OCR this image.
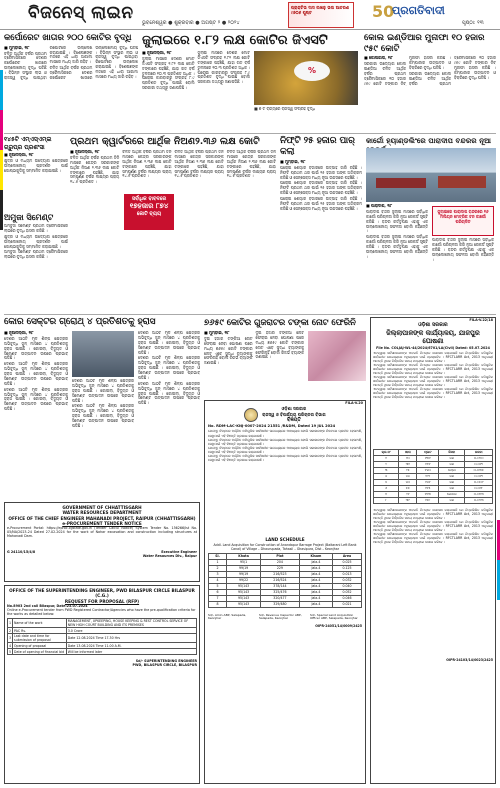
ବିଜନେସ୍‌ ଲାଇନ ଭୁବନେଶ୍ୱର ● ଶୁକ୍ରବାର ● ଅଗଷ୍ଟ ୨ ● ୨୦୨୪
ପ୍ରାକ୍‌ଟିଭ ଦାସ ଲଖନୁ ଭଲ ଆଚରଣ ୯୭୦୬ ପୁଷ୍ଟ	50
ପ୍ରଗତିବାଦୀ
ପୃଷ୍ଠା: ୧୩
କର୍ପୋରେଟ ଖାତାର ୨୦୦ କୋଟିର ବୃଦ୍ଧି

■ ମୁମ୍ବାଇ, ୧ା୮

ଚଳିତ ଆର୍ଥିକ ବର୍ଷର ପ୍ରଥମ ତ୍ରୈମାସିକରେ ଦେଶର କର୍ପୋରେଟ ଖାତାରେ ଉଲ୍ଲେଖନୀୟ ବୃଦ୍ଧି ଘଟିଛି । ବିଭିନ୍ନ ସଂସ୍ଥାର ଲାଭ ଓ ରାଜସ୍ୱ ବୃଦ୍ଧି ପାଇଥିବା ରିପୋର୍ଟରେ ଉଲ୍ଲେଖ କରାଯାଇଛି । ବିଶେଷଜ୍ଞଙ୍କ ମତରେ ଏହି ଧାରା ଆଗାମୀ ମାସରେ ମଧ୍ୟ ଜାରି ରହିବ ।

ଚଳିତ ଆର୍ଥିକ ବର୍ଷର ପ୍ରଥମ ତ୍ରୈମାସିକରେ ଦେଶର କର୍ପୋରେଟ ଖାତାରେ ଉଲ୍ଲେଖନୀୟ ବୃଦ୍ଧି ଘଟିଛି । ବିଭିନ୍ନ ସଂସ୍ଥାର ଲାଭ ଓ ରାଜସ୍ୱ ବୃଦ୍ଧି ପାଇଥିବା ରିପୋର୍ଟରେ ଉଲ୍ଲେଖ କରାଯାଇଛି । ବିଶେଷଜ୍ଞଙ୍କ ମତରେ ଏହି ଧାରା ଆଗାମୀ ମାସରେ ମଧ୍ୟ ଜାରି ରହିବ ।

ଜୁଲାଇରେ ୧.୮୨ ଲକ୍ଷ କୋଟିର ଜିଏସଟି

■ ନୂଆଦିଲ୍ଲୀ, ୧ା୮

ଜୁଲାଇ ମାସରେ ଦେଶର ମୋଟ ଜିଏସଟି ସଂଗ୍ରହ ୧.୮୨ ଲକ୍ଷ କୋଟି ଟଙ୍କାରେ ପହଞ୍ଚିଛି, ଯାହା ଗତ ବର୍ଷ ତୁଳନାରେ ୧୦.୩ ପ୍ରତିଶତ ଅଧିକ । ଘରୋଇ କାରବାରରୁ ସଂଗ୍ରହ ୮.୯ ପ୍ରତିଶତ ବୃଦ୍ଧି ପାଇଛି ବୋଲି ସରକାରୀ ତଥ୍ୟରୁ ଜଣାପଡିଛି ।

ଜୁଲାଇ ମାସରେ ଦେଶର ମୋଟ ଜିଏସଟି ସଂଗ୍ରହ ୧.୮୨ ଲକ୍ଷ କୋଟି ଟଙ୍କାରେ ପହଞ୍ଚିଛି, ଯାହା ଗତ ବର୍ଷ ତୁଳନାରେ ୧୦.୩ ପ୍ରତିଶତ ଅଧିକ । ଘରୋଇ କାରବାରରୁ ସଂଗ୍ରହ ୮.୯ ପ୍ରତିଶତ ବୃଦ୍ଧି ପାଇଛି ବୋଲି ସରକାରୀ ତଥ୍ୟରୁ ଜଣାପଡିଛି ।

%
■ ୭ ଟି ରାଜ୍ୟରେ ରାଜସ୍ୱ ସଂଗ୍ରହ ବୃଦ୍ଧି
କୋଲ ଇଣ୍ଡିଆର ମୁନାଫା ୧୦ ହଜାର ୯୫୯ କୋଟି

■ କୋଲକାତା, ୧ା୮

ସରକାରୀ ଉଦ୍ୟୋଗ କୋଲ ଇଣ୍ଡିଆ ଚଳିତ ଆର୍ଥିକ ବର୍ଷର ପ୍ରଥମ ତ୍ରୈମାସିକରେ ୧୦ ହଜାର ୯୫୯ କୋଟି ଟଙ୍କାର ନିଟ୍‌ ମୁନାଫା ହାସଲ କରିଛି । କମ୍ପାନୀର ଉତ୍ପାଦନ ଓ ବିକ୍ରିରେ ବୃଦ୍ଧି ଘଟିଛି ।

ସରକାରୀ ଉଦ୍ୟୋଗ କୋଲ ଇଣ୍ଡିଆ ଚଳିତ ଆର୍ଥିକ ବର୍ଷର ପ୍ରଥମ ତ୍ରୈମାସିକରେ ୧୦ ହଜାର ୯୫୯ କୋଟି ଟଙ୍କାର ନିଟ୍‌ ମୁନାଫା ହାସଲ କରିଛି । କମ୍ପାନୀର ଉତ୍ପାଦନ ଓ ବିକ୍ରିରେ ବୃଦ୍ଧି ଘଟିଛି ।

୧୪୫ଟି ଏମ୍‌ଏସ୍‌ଏମ୍‌ଇ ଗ୍ରୁପ୍‌ର ପ୍ରଶଂସା

■ ନୂଆଦିଲ୍ଲୀ, ୧ା୮

କ୍ଷୁଦ୍ର ଓ ମଧ୍ୟମ ଉଦ୍ୟୋଗ କ୍ଷେତ୍ରରେ ଉଲ୍ଲେଖନୀୟ ପ୍ରଦର୍ଶନ ପାଇଁ ଗୋଷ୍ଠୀଗୁଡିକୁ ସମ୍ମାନିତ କରାଯାଇଛି ।

ଅମୁଜା ସିମେଣ୍ଟ

ଅମ୍ବୁଜା ସିମେଣ୍ଟ ପ୍ରଥମ ତ୍ରୈମାସିକରେ ଲାଭରେ ବୃଦ୍ଧି ହାସଲ କରିଛି ।

କ୍ଷୁଦ୍ର ଓ ମଧ୍ୟମ ଉଦ୍ୟୋଗ କ୍ଷେତ୍ରରେ ଉଲ୍ଲେଖନୀୟ ପ୍ରଦର୍ଶନ ପାଇଁ ଗୋଷ୍ଠୀଗୁଡିକୁ ସମ୍ମାନିତ କରାଯାଇଛି ।

ଅମ୍ବୁଜା ସିମେଣ୍ଟ ପ୍ରଥମ ତ୍ରୈମାସିକରେ ଲାଭରେ ବୃଦ୍ଧି ହାସଲ କରିଛି ।

ପ୍ରଥମ କ୍ୱାର୍ଟରରେ ଆର୍ଥିକ ନିଅଣ୨.୩୬ ଲକ୍ଷ କୋଟି

■ ନୂଆଦିଲ୍ଲୀ, ୧ା୮

ଚଳିତ ଆର୍ଥିକ ବର୍ଷର ପ୍ରଥମ ତିନି ମାସରେ କେନ୍ଦ୍ର ସରକାରଙ୍କ ଆର୍ଥିକ ନିଅଣ ୨.୩୬ ଲକ୍ଷ କୋଟି ଟଙ୍କାରେ ପହଞ୍ଚିଛି, ଯାହା ସମ୍ପୂର୍ଣ୍ଣ ବର୍ଷର ଲକ୍ଷ୍ୟର ପ୍ରାୟ ୧୪.୫ ପ୍ରତିଶତ ।

ଚଳିତ ଆର୍ଥିକ ବର୍ଷର ପ୍ରଥମ ତିନି ମାସରେ କେନ୍ଦ୍ର ସରକାରଙ୍କ ଆର୍ଥିକ ନିଅଣ ୨.୩୬ ଲକ୍ଷ କୋଟି ଟଙ୍କାରେ ପହଞ୍ଚିଛି, ଯାହା ସମ୍ପୂର୍ଣ୍ଣ ବର୍ଷର ଲକ୍ଷ୍ୟର ପ୍ରାୟ ୧୪.୫ ପ୍ରତିଶତ ।

ଚଳିତ ଆର୍ଥିକ ବର୍ଷର ପ୍ରଥମ ତିନି ମାସରେ କେନ୍ଦ୍ର ସରକାରଙ୍କ ଆର୍ଥିକ ନିଅଣ ୨.୩୬ ଲକ୍ଷ କୋଟି ଟଙ୍କାରେ ପହଞ୍ଚିଛି, ଯାହା ସମ୍ପୂର୍ଣ୍ଣ ବର୍ଷର ଲକ୍ଷ୍ୟର ପ୍ରାୟ ୧୪.୫ ପ୍ରତିଶତ ।

ଚଳିତ ଆର୍ଥିକ ବର୍ଷର ପ୍ରଥମ ତିନି ମାସରେ କେନ୍ଦ୍ର ସରକାରଙ୍କ ଆର୍ଥିକ ନିଅଣ ୨.୩୬ ଲକ୍ଷ କୋଟି ଟଙ୍କାରେ ପହଞ୍ଚିଛି, ଯାହା ସମ୍ପୂର୍ଣ୍ଣ ବର୍ଷର ଲକ୍ଷ୍ୟର ପ୍ରାୟ ୧୪.୫ ପ୍ରତିଶତ ।

ସର୍ବାଧିକ ବାବଦରେ
୧୭ହଜାର ୮୭୪
କୋଟି ବ୍ୟୟ
ନିଫ୍ଟି ୨୫ ହଜାର ପାର୍‌ କଲା

■ ମୁମ୍ବାଇ, ୧ା୮

ଘରୋଇ ଶେୟାର ବଜାରରେ ଉତ୍ସାହ ଜାରି ରହିଛି । ନିଫ୍ଟି ପ୍ରଥମ ଥର ପାଇଁ ୨୫ ହଜାର ଅଙ୍କ ଅତିକ୍ରମ କରିଛି ଓ ସେନ୍‌ସେକ୍ସ ମଧ୍ୟ ନୂଆ ଉଚ୍ଚତାରେ ପହଞ୍ଚିଛି ।

ଘରୋଇ ଶେୟାର ବଜାରରେ ଉତ୍ସାହ ଜାରି ରହିଛି । ନିଫ୍ଟି ପ୍ରଥମ ଥର ପାଇଁ ୨୫ ହଜାର ଅଙ୍କ ଅତିକ୍ରମ କରିଛି ଓ ସେନ୍‌ସେକ୍ସ ମଧ୍ୟ ନୂଆ ଉଚ୍ଚତାରେ ପହଞ୍ଚିଛି ।

ଘରୋଇ ଶେୟାର ବଜାରରେ ଉତ୍ସାହ ଜାରି ରହିଛି । ନିଫ୍ଟି ପ୍ରଥମ ଥର ପାଇଁ ୨୫ ହଜାର ଅଙ୍କ ଅତିକ୍ରମ କରିଛି ଓ ସେନ୍‌ସେକ୍ସ ମଧ୍ୟ ନୂଆ ଉଚ୍ଚତାରେ ପହଞ୍ଚିଛି ।

କାର୍ଗୋ ହ୍ୟାଣ୍ଡଲିଂରେ ପାରାଦୀପ ବନ୍ଦରର ନୂଆ

■ ପାରାଦୀପ, ୧ା୮

ପାରାଦୀପ ବନ୍ଦର ଜୁଲାଇ ମାସରେ ସର୍ବାଧିକ କାର୍ଗୋ ପରିଚାଳନା କରି ନୂଆ ରେକର୍ଡ ସୃଷ୍ଟି କରିଛି । ବନ୍ଦର କର୍ତ୍ତୃପକ୍ଷ ଏହାକୁ ଏକ ଉଲ୍ଲେଖନୀୟ ସଫଳତା ବୋଲି କହିଛନ୍ତି ।

ପାରାଦୀପ ବନ୍ଦର ଜୁଲାଇ ମାସରେ ସର୍ବାଧିକ କାର୍ଗୋ ପରିଚାଳନା କରି ନୂଆ ରେକର୍ଡ ସୃଷ୍ଟି କରିଛି । ବନ୍ଦର କର୍ତ୍ତୃପକ୍ଷ ଏହାକୁ ଏକ ଉଲ୍ଲେଖନୀୟ ସଫଳତା ବୋଲି କହିଛନ୍ତି ।

ଜୁଲାଇରେ ପାରାଦୀପ ବନ୍ଦରରେ ୧୬ ମିଲିୟନ ମେଟ୍ରିକ ଟନ କାର୍ଗୋ ପରିଚାଳିତ

ପାରାଦୀପ ବନ୍ଦର ଜୁଲାଇ ମାସରେ ସର୍ବାଧିକ କାର୍ଗୋ ପରିଚାଳନା କରି ନୂଆ ରେକର୍ଡ ସୃଷ୍ଟି କରିଛି । ବନ୍ଦର କର୍ତ୍ତୃପକ୍ଷ ଏହାକୁ ଏକ ଉଲ୍ଲେଖନୀୟ ସଫଳତା ବୋଲି କହିଛନ୍ତି ।

କୋର ସେକ୍ଟର ଗ୍ରୋଥ୍‌ ୪ ପ୍ରତିଶତକୁ ହ୍ରାସ

■ ନୂଆଦିଲ୍ଲୀ, ୧ା୮

ଦେଶର ଆଠଟି ମୂଳ ଶିଳ୍ପ କ୍ଷେତ୍ରର ଅଭିବୃଦ୍ଧି ଜୁନ୍‌ ମାସରେ ୪ ପ୍ରତିଶତକୁ ହ୍ରାସ ପାଇଛି । କୋଇଲା, ବିଦ୍ୟୁତ ଓ ସିମେଣ୍ଟ ଉତ୍ପାଦନ ଉପରେ ପ୍ରଭାବ ପଡିଛି ।

ଦେଶର ଆଠଟି ମୂଳ ଶିଳ୍ପ କ୍ଷେତ୍ରର ଅଭିବୃଦ୍ଧି ଜୁନ୍‌ ମାସରେ ୪ ପ୍ରତିଶତକୁ ହ୍ରାସ ପାଇଛି । କୋଇଲା, ବିଦ୍ୟୁତ ଓ ସିମେଣ୍ଟ ଉତ୍ପାଦନ ଉପରେ ପ୍ରଭାବ ପଡିଛି ।

ଦେଶର ଆଠଟି ମୂଳ ଶିଳ୍ପ କ୍ଷେତ୍ରର ଅଭିବୃଦ୍ଧି ଜୁନ୍‌ ମାସରେ ୪ ପ୍ରତିଶତକୁ ହ୍ରାସ ପାଇଛି । କୋଇଲା, ବିଦ୍ୟୁତ ଓ ସିମେଣ୍ଟ ଉତ୍ପାଦନ ଉପରେ ପ୍ରଭାବ ପଡିଛି ।

ଦେଶର ଆଠଟି ମୂଳ ଶିଳ୍ପ କ୍ଷେତ୍ରର ଅଭିବୃଦ୍ଧି ଜୁନ୍‌ ମାସରେ ୪ ପ୍ରତିଶତକୁ ହ୍ରାସ ପାଇଛି । କୋଇଲା, ବିଦ୍ୟୁତ ଓ ସିମେଣ୍ଟ ଉତ୍ପାଦନ ଉପରେ ପ୍ରଭାବ ପଡିଛି ।

ଦେଶର ଆଠଟି ମୂଳ ଶିଳ୍ପ କ୍ଷେତ୍ରର ଅଭିବୃଦ୍ଧି ଜୁନ୍‌ ମାସରେ ୪ ପ୍ରତିଶତକୁ ହ୍ରାସ ପାଇଛି । କୋଇଲା, ବିଦ୍ୟୁତ ଓ ସିମେଣ୍ଟ ଉତ୍ପାଦନ ଉପରେ ପ୍ରଭାବ ପଡିଛି ।

ଦେଶର ଆଠଟି ମୂଳ ଶିଳ୍ପ କ୍ଷେତ୍ରର ଅଭିବୃଦ୍ଧି ଜୁନ୍‌ ମାସରେ ୪ ପ୍ରତିଶତକୁ ହ୍ରାସ ପାଇଛି । କୋଇଲା, ବିଦ୍ୟୁତ ଓ ସିମେଣ୍ଟ ଉତ୍ପାଦନ ଉପରେ ପ୍ରଭାବ ପଡିଛି ।

ଦେଶର ଆଠଟି ମୂଳ ଶିଳ୍ପ କ୍ଷେତ୍ରର ଅଭିବୃଦ୍ଧି ଜୁନ୍‌ ମାସରେ ୪ ପ୍ରତିଶତକୁ ହ୍ରାସ ପାଇଛି । କୋଇଲା, ବିଦ୍ୟୁତ ଓ ସିମେଣ୍ଟ ଉତ୍ପାଦନ ଉପରେ ପ୍ରଭାବ ପଡିଛି ।

ଦେଶର ଆଠଟି ମୂଳ ଶିଳ୍ପ କ୍ଷେତ୍ରର ଅଭିବୃଦ୍ଧି ଜୁନ୍‌ ମାସରେ ୪ ପ୍ରତିଶତକୁ ହ୍ରାସ ପାଇଛି । କୋଇଲା, ବିଦ୍ୟୁତ ଓ ସିମେଣ୍ଟ ଉତ୍ପାଦନ ଉପରେ ପ୍ରଭାବ ପଡିଛି ।

୭୬୫୯ କୋଟିର ଗୁଜରାଟର ଟଙ୍କା ନୋଟ ଫେରିନି

■ ମୁମ୍ବାଇ, ୧ା୮

ଦୁଇ ହଜାର ଟଙ୍କିଆ ନୋଟ ଫେରାଇ ନେବା ଘୋଷଣା ପରେ ମଧ୍ୟ ୭୬୫୯ କୋଟି ଟଙ୍କାର ନୋଟ ଏବେ ସୁଦ୍ଧା ବ୍ୟାଙ୍କକୁ ଫେରିନାହିଁ ବୋଲି ରିଜର୍ଭ ବ୍ୟାଙ୍କ ଜଣାଇଛି ।

ଦୁଇ ହଜାର ଟଙ୍କିଆ ନୋଟ ଫେରାଇ ନେବା ଘୋଷଣା ପରେ ମଧ୍ୟ ୭୬୫୯ କୋଟି ଟଙ୍କାର ନୋଟ ଏବେ ସୁଦ୍ଧା ବ୍ୟାଙ୍କକୁ ଫେରିନାହିଁ ବୋଲି ରିଜର୍ଭ ବ୍ୟାଙ୍କ ଜଣାଇଛି ।

FILA-V.20
ଓଡ଼ିଶା ସରକାର
ରାଜସ୍ୱ ଓ ବିପର୍ଯ୍ୟୟ ପରିଚାଳନା ବିଭାଗ
ବିଜ୍ଞପ୍ତି
No. RDM-LAC-KNJ-0007-2024 21551 /R&DM, Dated 19 JUL 2024

ଯେହେତୁ ନିମ୍ନରେ ବର୍ଣ୍ଣିତ ଜମିଗୁଡିକ ସାର୍ବଜନୀନ ଉଦ୍ଦେଶ୍ୟରେ ଆବଶ୍ୟକ ବୋଲି ସରକାରଙ୍କ ନିକଟରେ ପ୍ରତୀତ ହେଉଅଛି, ସେଥିପାଇଁ ଏହି ବିଜ୍ଞପ୍ତି ପ୍ରକାଶ କରାଯାଉଛି ।

ଯେହେତୁ ନିମ୍ନରେ ବର୍ଣ୍ଣିତ ଜମିଗୁଡିକ ସାର୍ବଜନୀନ ଉଦ୍ଦେଶ୍ୟରେ ଆବଶ୍ୟକ ବୋଲି ସରକାରଙ୍କ ନିକଟରେ ପ୍ରତୀତ ହେଉଅଛି, ସେଥିପାଇଁ ଏହି ବିଜ୍ଞପ୍ତି ପ୍ରକାଶ କରାଯାଉଛି ।

ଯେହେତୁ ନିମ୍ନରେ ବର୍ଣ୍ଣିତ ଜମିଗୁଡିକ ସାର୍ବଜନୀନ ଉଦ୍ଦେଶ୍ୟରେ ଆବଶ୍ୟକ ବୋଲି ସରକାରଙ୍କ ନିକଟରେ ପ୍ରତୀତ ହେଉଅଛି, ସେଥିପାଇଁ ଏହି ବିଜ୍ଞପ୍ତି ପ୍ରକାଶ କରାଯାଉଛି ।

ଯେହେତୁ ନିମ୍ନରେ ବର୍ଣ୍ଣିତ ଜମିଗୁଡିକ ସାର୍ବଜନୀନ ଉଦ୍ଦେଶ୍ୟରେ ଆବଶ୍ୟକ ବୋଲି ସରକାରଙ୍କ ନିକଟରେ ପ୍ରତୀତ ହେଉଅଛି, ସେଥିପାଇଁ ଏହି ବିଜ୍ଞପ୍ତି ପ୍ରକାଶ କରାଯାଉଛି ।

LAND SCHEDULE
Addl. Land Acquisition for Construction of Anandapur Barrage Project (Baitarani Left Bank Canal) of Village – Dhaurupada, Tahasil – Ghasipura, Dist – Keonjhar
Sl.	Khata	Plot	Kisam	Area
1	95/1	204	Jala-4	0.025
2	99/19	229	Jala-4	0.125
3	99/19	216/523	Jala-4	0.013
4	99/22	216/524	Jala-4	0.032
5	95/143	378/144	Jala-4	0.040
6	95/143	325/476	Jala-4	0.052
7	95/143	320/477	Jala-4	0.046
8	95/143	329/480	Jala-4	0.021
Sd/- Amin ABP, Salapada, Keonjhar
Sd/- Revenue Inspector ABP, Salapada, Keonjhar
Sd/- Special Land Acquisition Officer ABP, Salapada, Keonjhar
OIPR-24051/14/0009/2425
FILA-V.22/18
ଓଡ଼ିଶା ସରକାର
ଜିଲ୍ଲାପାଳଙ୍କ କାର୍ଯ୍ୟାଳୟ, ଯାଜପୁର
ଘୋଷଣା
File No. COLJAJ-WL-44/2024/6701/LA(Civil) Dated: 05.07.2024

ଏତଦ୍ୱାରା ସର୍ବସାଧାରଣଙ୍କ ଅବଗତି ନିମନ୍ତେ ଘୋଷଣା କରାଯାଉଛି ଯେ ନିମ୍ନଲିଖିତ ଜମିଗୁଡିକ ସାର୍ବଜନୀନ ଉଦ୍ଦେଶ୍ୟରେ ଅଧିଗ୍ରହଣ ପାଇଁ ପ୍ରସ୍ତାବିତ । RFCTLARR Act, 2013 ଅନୁଯାୟୀ ଆପତ୍ତି ଥିଲେ ନିର୍ଦ୍ଧାରିତ ସମୟ ମଧ୍ୟରେ ଦାଖଲ କରିବେ ।

ଏତଦ୍ୱାରା ସର୍ବସାଧାରଣଙ୍କ ଅବଗତି ନିମନ୍ତେ ଘୋଷଣା କରାଯାଉଛି ଯେ ନିମ୍ନଲିଖିତ ଜମିଗୁଡିକ ସାର୍ବଜନୀନ ଉଦ୍ଦେଶ୍ୟରେ ଅଧିଗ୍ରହଣ ପାଇଁ ପ୍ରସ୍ତାବିତ । RFCTLARR Act, 2013 ଅନୁଯାୟୀ ଆପତ୍ତି ଥିଲେ ନିର୍ଦ୍ଧାରିତ ସମୟ ମଧ୍ୟରେ ଦାଖଲ କରିବେ ।

ଏତଦ୍ୱାରା ସର୍ବସାଧାରଣଙ୍କ ଅବଗତି ନିମନ୍ତେ ଘୋଷଣା କରାଯାଉଛି ଯେ ନିମ୍ନଲିଖିତ ଜମିଗୁଡିକ ସାର୍ବଜନୀନ ଉଦ୍ଦେଶ୍ୟରେ ଅଧିଗ୍ରହଣ ପାଇଁ ପ୍ରସ୍ତାବିତ । RFCTLARR Act, 2013 ଅନୁଯାୟୀ ଆପତ୍ତି ଥିଲେ ନିର୍ଦ୍ଧାରିତ ସମୟ ମଧ୍ୟରେ ଦାଖଲ କରିବେ ।

ଏତଦ୍ୱାରା ସର୍ବସାଧାରଣଙ୍କ ଅବଗତି ନିମନ୍ତେ ଘୋଷଣା କରାଯାଉଛି ଯେ ନିମ୍ନଲିଖିତ ଜମିଗୁଡିକ ସାର୍ବଜନୀନ ଉଦ୍ଦେଶ୍ୟରେ ଅଧିଗ୍ରହଣ ପାଇଁ ପ୍ରସ୍ତାବିତ । RFCTLARR Act, 2013 ଅନୁଯାୟୀ ଆପତ୍ତି ଥିଲେ ନିର୍ଦ୍ଧାରିତ ସମୟ ମଧ୍ୟରେ ଦାଖଲ କରିବେ ।

କ୍ର.ନଂ	ଖାତା	ପ୍ଲଟ	କିସମ	ରକବା
୧	୨୦	୧୩୧	ଜଳ	୦.୦୨୦
୨	୩୧	୧୭୧	ଜଳ	୦.୦୧୨
୩	୨୫	୧୪୦	ଦଣ୍ଡା	୦.୦୩୫
୪	୪୪	୧୨୨	ଜଳ	୦.୦୧୨
୫	୪୦	୧୪୧	ଜଳ	୦.୦୦୯
୬	୫୫	୧୧୫	ଜଳ	୦.୦୨୮
୭	୨୧	୧୭୩	ଗୋଚର	୦.୦୧୩
୮	୩୯	୧୫୮	ଜଳ	୦.୦୨୩

ଏତଦ୍ୱାରା ସର୍ବସାଧାରଣଙ୍କ ଅବଗତି ନିମନ୍ତେ ଘୋଷଣା କରାଯାଉଛି ଯେ ନିମ୍ନଲିଖିତ ଜମିଗୁଡିକ ସାର୍ବଜନୀନ ଉଦ୍ଦେଶ୍ୟରେ ଅଧିଗ୍ରହଣ ପାଇଁ ପ୍ରସ୍ତାବିତ । RFCTLARR Act, 2013 ଅନୁଯାୟୀ ଆପତ୍ତି ଥିଲେ ନିର୍ଦ୍ଧାରିତ ସମୟ ମଧ୍ୟରେ ଦାଖଲ କରିବେ ।

ଏତଦ୍ୱାରା ସର୍ବସାଧାରଣଙ୍କ ଅବଗତି ନିମନ୍ତେ ଘୋଷଣା କରାଯାଉଛି ଯେ ନିମ୍ନଲିଖିତ ଜମିଗୁଡିକ ସାର୍ବଜନୀନ ଉଦ୍ଦେଶ୍ୟରେ ଅଧିଗ୍ରହଣ ପାଇଁ ପ୍ରସ୍ତାବିତ । RFCTLARR Act, 2013 ଅନୁଯାୟୀ ଆପତ୍ତି ଥିଲେ ନିର୍ଦ୍ଧାରିତ ସମୟ ମଧ୍ୟରେ ଦାଖଲ କରିବେ ।

ଏତଦ୍ୱାରା ସର୍ବସାଧାରଣଙ୍କ ଅବଗତି ନିମନ୍ତେ ଘୋଷଣା କରାଯାଉଛି ଯେ ନିମ୍ନଲିଖିତ ଜମିଗୁଡିକ ସାର୍ବଜନୀନ ଉଦ୍ଦେଶ୍ୟରେ ଅଧିଗ୍ରହଣ ପାଇଁ ପ୍ରସ୍ତାବିତ । RFCTLARR Act, 2013 ଅନୁଯାୟୀ ଆପତ୍ତି ଥିଲେ ନିର୍ଦ୍ଧାରିତ ସମୟ ମଧ୍ୟରେ ଦାଖଲ କରିବେ ।

OIPR-24103/14/0023/2425
GOVERNMENT OF CHHATTISGARH
WATER RESOURCES DEPARTMENT
OFFICE OF THE CHIEF ENGINEER MAHANADI PROJECT, RAIPUR (CHHATTISGARH)
e-PROCUREMENT TENDER NOTICE
e-Procurement Portal: https://eproc.cgstate.gov.in (Tender Caicul Notice) System Tender No. 156266/Ist No. 05/NA/2023-24 Dated 27.02.2024 for the work of Nahar excavation and construction including structures at Mahanadi Dam.
G 24110/15/4/8	Executive Engineer
Water Resources Div., Raipur
OFFICE OF THE SUPERINTENDING ENGINEER, PWD BILASPUR CIRCLE BILASPUR (C.G.)
REQUEST FOR PROPOSAL (RFP)
No.8903 2nd call Bilaspur, Date:23.07.2024
Online e-Procurement tender from PWD Registered Contractor/Agencies who have the pre-qualification criteria for the works as detailed below:
1	Name of the work	MANAGEMENT, UPKEEPING, HOUSE KEEPING & REST CONTROL SERVICE OF NEW HIGH COURT BUILDING AND ITS PREMISES
2	PAC Rs.	3.0 Crore
3	Last date and time for submission of proposal	Date 12.08.2024 Time 17.30 Hrs
4	Opening of proposal	Date 13.08.2024 Time 11.00 A.M.
5	Date of opening of financial bid	Will be informed later
Sd/- SUPERINTENDING ENGINEER
PWD, BILASPUR CIRCLE, BILASPUR
